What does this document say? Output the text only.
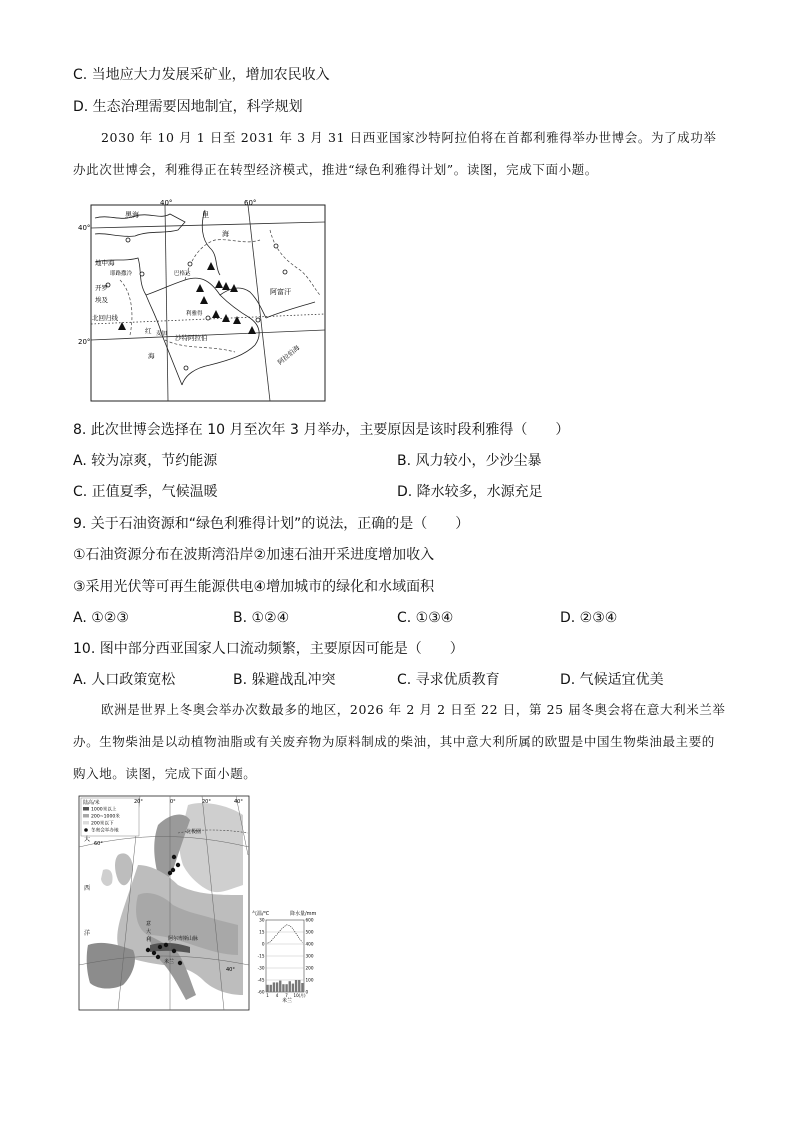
C. 当地应大力发展采矿业，增加农民收入
D. 生态治理需要因地制宜，科学规划
2030 年 10 月 1 日至 2031 年 3 月 31 日西亚国家沙特阿拉伯将在首都利雅得举办世博会。为了成功举办此次世博会，利雅得正在转型经济模式，推进“绿色利雅得计划”。读图，完成下面小题。
40°	60°
40°
20°
黑海	里
海
地中海
耶路撒冷	巴格达
开罗
埃及
阿富汗
北回归线	利雅得
红
海
麦加 沙特阿拉伯
阿拉伯海
8. 此次世博会选择在 10 月至次年 3 月举办，主要原因是该时段利雅得（　　）
A. 较为凉爽，节约能源	B. 风力较小，少沙尘暴
C. 正值夏季，气候温暖	D. 降水较多，水源充足
9. 关于石油资源和“绿色利雅得计划”的说法，正确的是（　　）
①石油资源分布在波斯湾沿岸②加速石油开采进度增加收入
③采用光伏等可再生能源供电④增加城市的绿化和水域面积
A. ①②③	B. ①②④	C. ①③④	D. ②③④
10. 图中部分西亚国家人口流动频繁，主要原因可能是（　　）
A. 人口政策宽松	B. 躲避战乱冲突	C. 寻求优质教育	D. 气候适宜优美
欧洲是世界上冬奥会举办次数最多的地区，2026 年 2 月 2 日至 22 日，第 25 届冬奥会将在意大利米兰举办。生物柴油是以动植物油脂或有关废弃物为原料制成的柴油，其中意大利所属的欧盟是中国生物柴油最主要的购入地。读图，完成下面小题。
陆高/米
1000米以上
200~1000米
200米以下
冬奥会举办地
20°	0°	20°	40°
60°
40°
北极圈
大
西
洋
阿尔卑斯山脉
米兰
意
大
利
气温/℃	降水量/mm
30
15
0
-15
-30
-45
-60
600
500
400
300
200
100
0
1 4 7 10 (月)
米兰
